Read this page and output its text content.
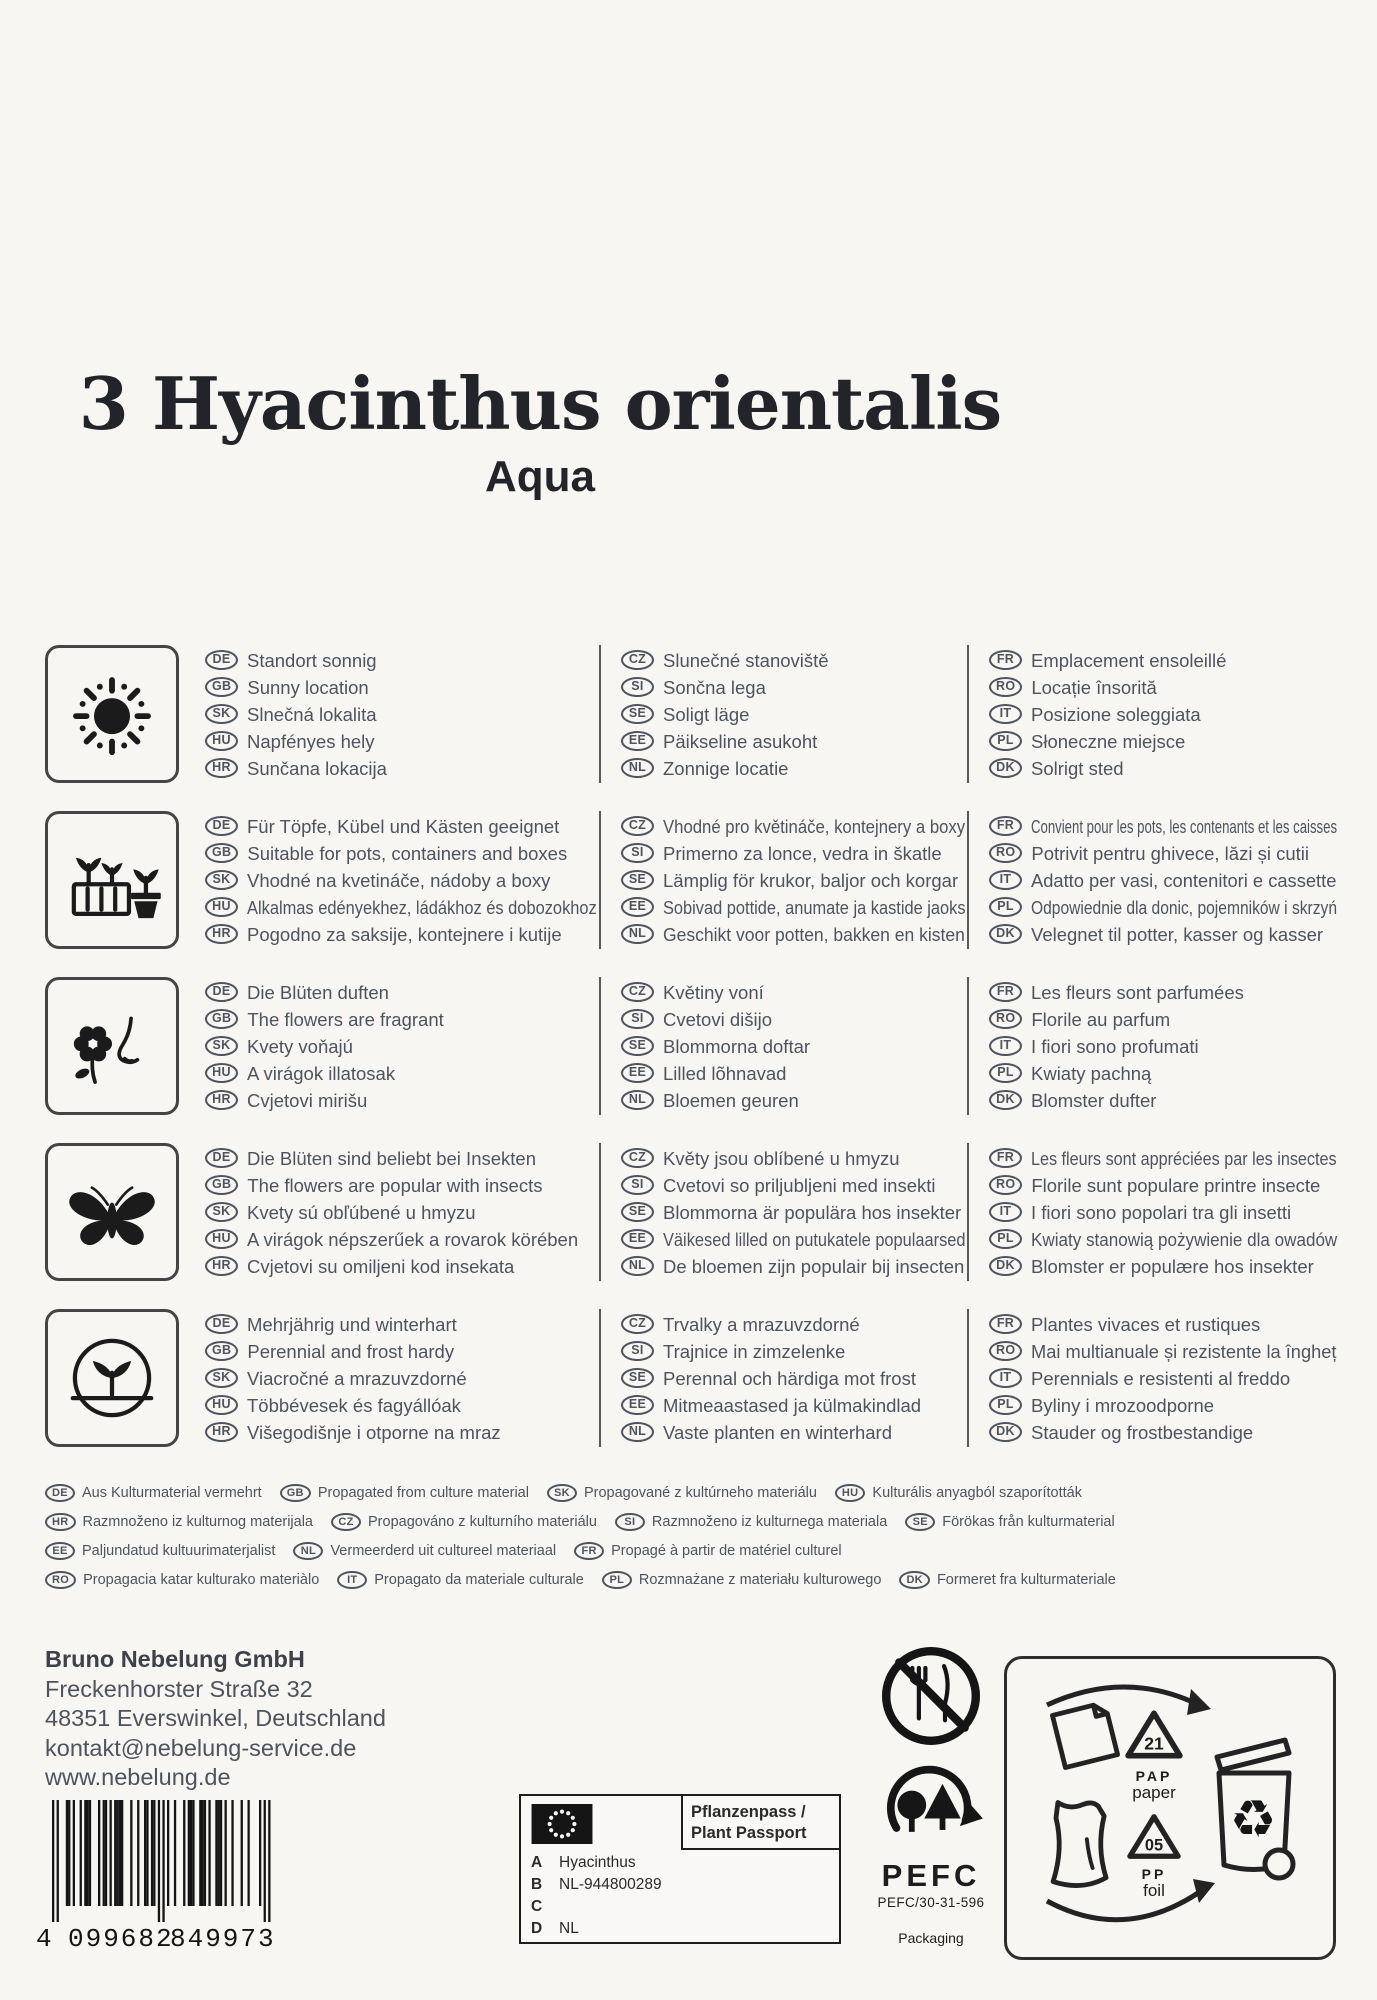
3 Hyacinthus orientalis
Aqua
DE Standort sonnig
GB Sunny location
SK Slnečná lokalita
HU Napfényes hely
HR Sunčana lokacija
CZ Slunečné stanoviště
SI	Sončna lega
SE Soligt läge
EE Päikseline asukoht
NL Zonnige locatie
FR Emplacement ensoleillé
RO Locație însorită
IT	Posizione soleggiata
PL Słoneczne miejsce
DK Solrigt sted
DE Für Töpfe, Kübel und Kästen geeignet
GB Suitable for pots, containers and boxes
SK Vhodné na kvetináče, nádoby a boxy
HU Alkalmas edényekhez, ládákhoz és dobozokhoz
HR Pogodno za saksije, kontejnere i kutije
CZ Vhodné pro květináče, kontejnery a boxy
SI	Primerno za lonce, vedra in škatle
SE Lämplig för krukor, baljor och korgar
EE Sobivad pottide, anumate ja kastide jaoks
NL Geschikt voor potten, bakken en kisten
FR Convient pour les pots, les contenants et les caisses
RO Potrivit pentru ghivece, lăzi și cutii
IT	Adatto per vasi, contenitori e cassette
PL Odpowiednie dla donic, pojemników i skrzyń
DK Velegnet til potter, kasser og kasser
DE Die Blüten duften
GB The flowers are fragrant
SK Kvety voňajú
HU A virágok illatosak
HR Cvjetovi mirišu
CZ Květiny voní
SI	Cvetovi dišijo
SE Blommorna doftar
EE Lilled lõhnavad
NL Bloemen geuren
FR Les fleurs sont parfumées
RO Florile au parfum
IT	I fiori sono profumati
PL Kwiaty pachną
DK Blomster dufter
DE Die Blüten sind beliebt bei Insekten
GB The flowers are popular with insects
SK Kvety sú obľúbené u hmyzu
HU A virágok népszerűek a rovarok körében
HR Cvjetovi su omiljeni kod insekata
CZ Květy jsou oblíbené u hmyzu
SI	Cvetovi so priljubljeni med insekti
SE Blommorna är populära hos insekter
EE Väikesed lilled on putukatele populaarsed
NL De bloemen zijn populair bij insecten
FR Les fleurs sont appréciées par les insectes
RO Florile sunt populare printre insecte
IT	I fiori sono popolari tra gli insetti
PL Kwiaty stanowią pożywienie dla owadów
DK Blomster er populære hos insekter
DE Mehrjährig und winterhart
GB Perennial and frost hardy
SK Viacročné a mrazuvzdorné
HU Többévesek és fagyállóak
HR Višegodišnje i otporne na mraz
CZ Trvalky a mrazuvzdorné
SI	Trajnice in zimzelenke
SE Perennal och härdiga mot frost
EE Mitmeaastased ja külmakindlad
NL Vaste planten en winterhard
FR Plantes vivaces et rustiques
RO Mai multianuale și rezistente la îngheț
IT	Perennials e resistenti al freddo
PL Byliny i mrozoodporne
DK Stauder og frostbestandige
DE Aus Kulturmaterial vermehrt	GB Propagated from culture material	SK Propagované z kultúrneho materiálu	HU Kulturális anyagból szaporították
HR Razmnoženo iz kulturnog materijala	CZ Propagováno z kulturního materiálu	SI	Razmnoženo iz kulturnega materiala	SE Förökas från kulturmaterial
EE Paljundatud kultuurimaterjalist	NL Vermeerderd uit cultureel materiaal	FR Propagé à partir de matériel culturel
RO Propagacia katar kulturako materiàlo	IT	Propagato da materiale culturale	PL	Rozmnażane z materiału kulturowego	DK Formeret fra kulturmateriale
Bruno Nebelung GmbH
Freckenhorster Straße 32
48351 Everswinkel, Deutschland
kontakt@nebelung-service.de
www.nebelung.de
4 099682
849973
Pflanzenpass /
Plant Passport
A	Hyacinthus
B	NL-944800289
C
D	NL

PEFC
PEFC/30-31-596
Packaging
21
PAP
paper
05
PP
foil
♻
